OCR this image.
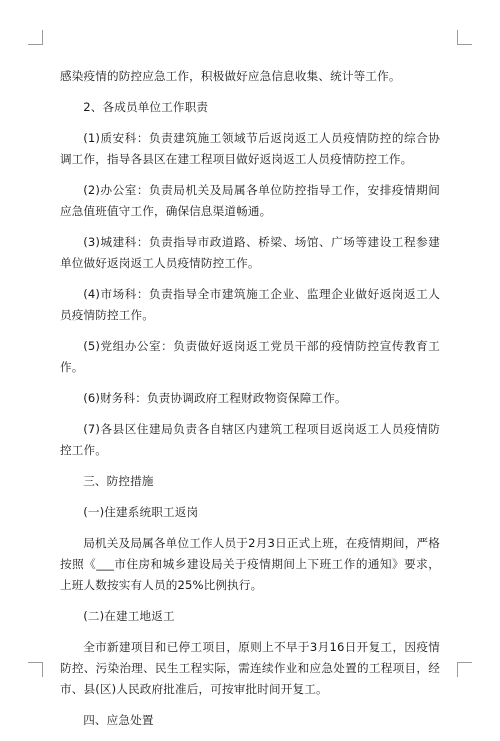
感染疫情的防控应急工作，积极做好应急信息收集、统计等工作。

2、各成员单位工作职责

(1)质安科：负责建筑施工领域节后返岗返工人员疫情防控的综合协调工作，指导各县区在建工程项目做好返岗返工人员疫情防控工作。

(2)办公室：负责局机关及局属各单位防控指导工作，安排疫情期间应急值班值守工作，确保信息渠道畅通。

(3)城建科：负责指导市政道路、桥梁、场馆、广场等建设工程参建单位做好返岗返工人员疫情防控工作。

(4)市场科：负责指导全市建筑施工企业、监理企业做好返岗返工人员疫情防控工作。

(5)党组办公室：负责做好返岗返工党员干部的疫情防控宣传教育工作。

(6)财务科：负责协调政府工程财政物资保障工作。

(7)各县区住建局负责各自辖区内建筑工程项目返岗返工人员疫情防控工作。

三、防控措施

(一)住建系统职工返岗

局机关及局属各单位工作人员于2月3日正式上班，在疫情期间，严格按照《___市住房和城乡建设局关于疫情期间上下班工作的通知》要求，上班人数按实有人员的25%比例执行。

(二)在建工地返工

全市新建项目和已停工项目，原则上不早于3月16日开复工，因疫情防控、污染治理、民生工程实际，需连续作业和应急处置的工程项目，经市、县(区)人民政府批准后，可按审批时间开复工。

四、应急处置
